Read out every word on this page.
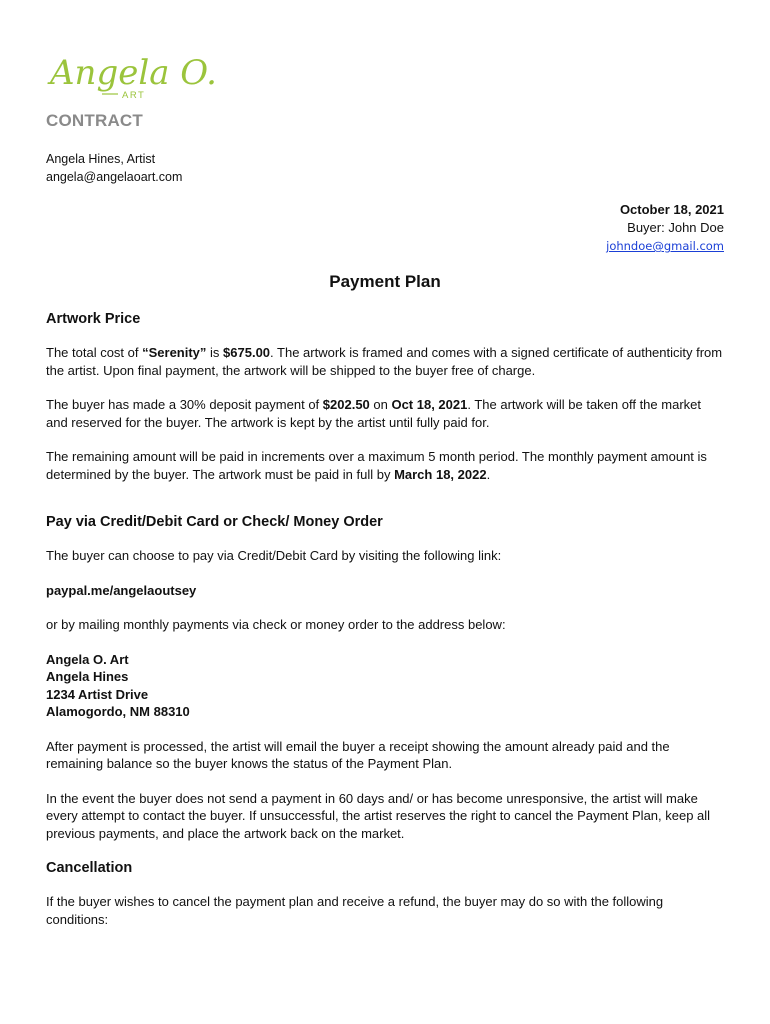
Angela O.
ART
CONTRACT
Angela Hines, Artist
angela@angelaoart.com
October 18, 2021
Buyer: John Doe
johndoe@gmail.com
Payment Plan
Artwork Price

The total cost of “Serenity” is $675.00. The artwork is framed and comes with a signed certificate of authenticity from the artist. Upon final payment, the artwork will be shipped to the buyer free of charge.

The buyer has made a 30% deposit payment of $202.50 on Oct 18, 2021. The artwork will be taken off the market and reserved for the buyer. The artwork is kept by the artist until fully paid for.

The remaining amount will be paid in increments over a maximum 5 month period. The monthly payment amount is determined by the buyer. The artwork must be paid in full by March 18, 2022.

Pay via Credit/Debit Card or Check/ Money Order

The buyer can choose to pay via Credit/Debit Card by visiting the following link:

paypal.me/angelaoutsey

or by mailing monthly payments via check or money order to the address below:

Angela O. Art
Angela Hines
1234 Artist Drive
Alamogordo, NM 88310

After payment is processed, the artist will email the buyer a receipt showing the amount already paid and the remaining balance so the buyer knows the status of the Payment Plan.

In the event the buyer does not send a payment in 60 days and/ or has become unresponsive, the artist will make every attempt to contact the buyer. If unsuccessful, the artist reserves the right to cancel the Payment Plan, keep all previous payments, and place the artwork back on the market.

Cancellation

If the buyer wishes to cancel the payment plan and receive a refund, the buyer may do so with the following conditions:
